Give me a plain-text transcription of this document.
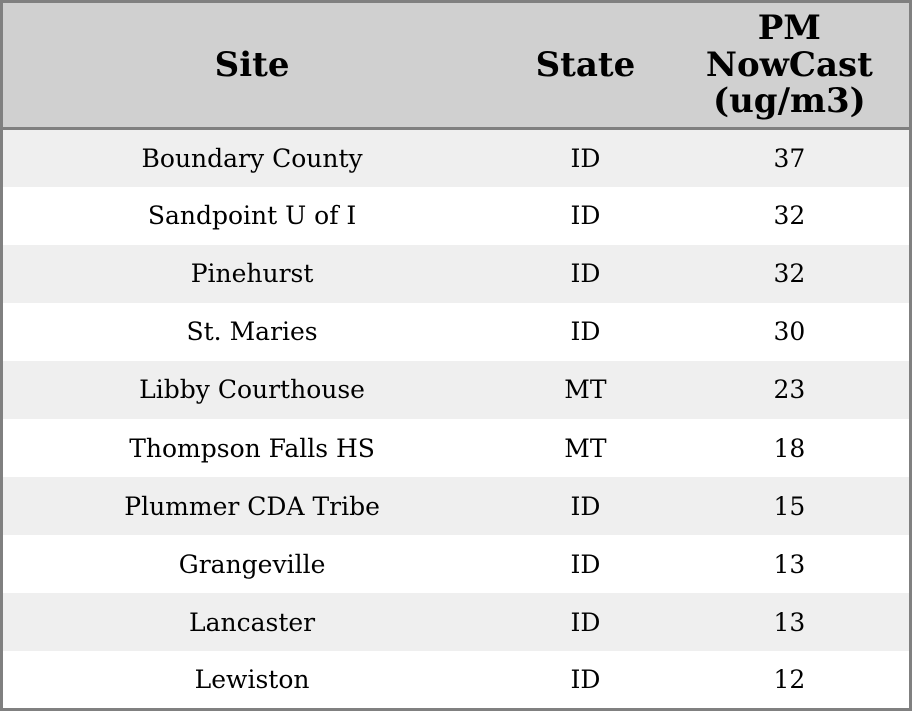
Site	State	PM NowCast (ug/m3)
Boundary County	ID	37
Sandpoint U of I	ID	32
Pinehurst	ID	32
St. Maries	ID	30
Libby Courthouse	MT	23
Thompson Falls HS	MT	18
Plummer CDA Tribe	ID	15
Grangeville	ID	13
Lancaster	ID	13
Lewiston	ID	12
